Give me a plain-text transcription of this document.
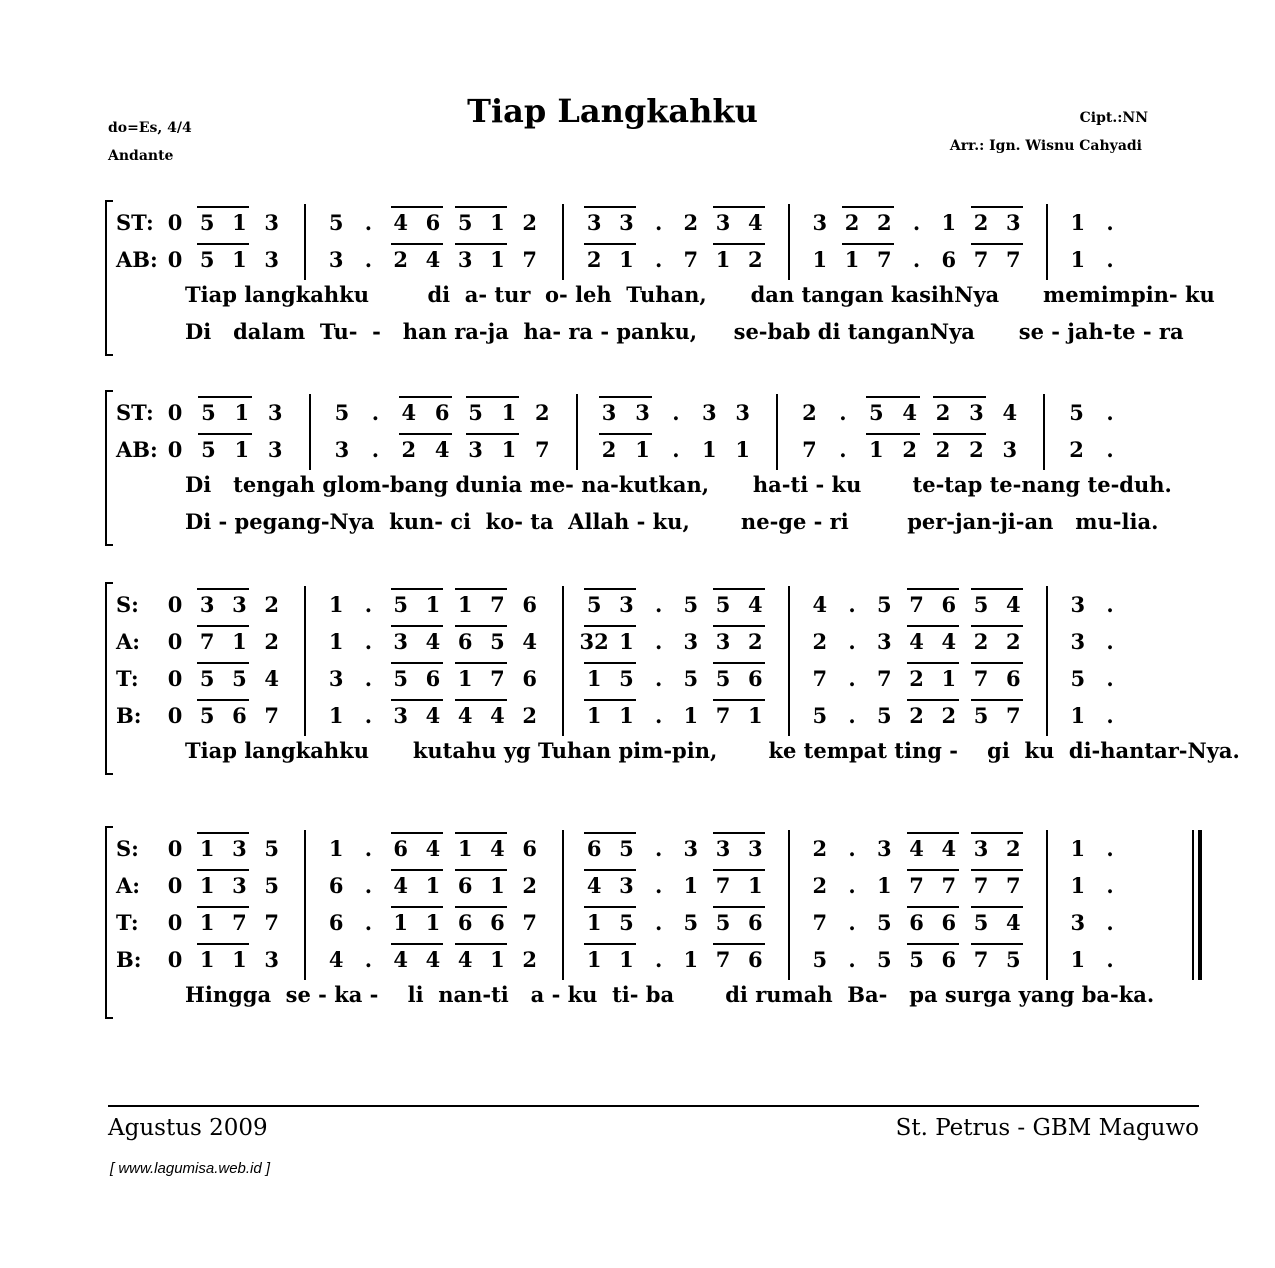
Tiap Langkahku
do=Es, 4/4
Andante
Cipt.:NN
Arr.: Ign. Wisnu Cahyadi
ST: 0 5 1 3 5 . 4 6 5 1 2 3 3 . 2 3 4 3 2 2 . 1 2 3 1 .
AB: 0 5 1 3 3 . 2 4 3 1 7 2 1 . 7 1 2 1 1 7 . 6 7 7 1 .
Tiap langkahku        di  a- tur  o- leh  Tuhan,      dan tangan kasihNya      memimpin- ku
Di   dalam  Tu-  -   han ra-ja  ha- ra - panku,     se-bab di tanganNya      se - jah-te - ra
ST: 0 5 1 3 5 . 4 6 5 1 2 3 3 . 3 3 2 . 5 4 2 3 4 5 .
AB: 0 5 1 3 3 . 2 4 3 1 7 2 1 . 1 1 7 . 1 2 2 2 3 2 .
Di   tengah glom-bang dunia me- na-kutkan,      ha-ti - ku       te-tap te-nang te-duh.
Di - pegang-Nya  kun- ci  ko- ta  Allah - ku,       ne-ge - ri        per-jan-ji-an   mu-lia.
S: 0 3 3 2 1 . 5 1 1 7 6 5 3 . 5 5 4 4 . 5 7 6 5 4 3 .
A: 0 7 1 2 1 . 3 4 6 5 4 32 1 . 3 3 2 2 . 3 4 4 2 2 3 .
T: 0 5 5 4 3 . 5 6 1 7 6 1 5 . 5 5 6 7 . 7 2 1 7 6 5 .
B: 0 5 6 7 1 . 3 4 4 4 2 1 1 . 1 7 1 5 . 5 2 2 5 7 1 .
Tiap langkahku      kutahu yg Tuhan pim-pin,       ke tempat ting -    gi  ku  di-hantar-Nya.
S: 0 1 3 5 1 . 6 4 1 4 6 6 5 . 3 3 3 2 . 3 4 4 3 2 1 .
A: 0 1 3 5 6 . 4 1 6 1 2 4 3 . 1 7 1 2 . 1 7 7 7 7 1 .
T: 0 1 7 7 6 . 1 1 6 6 7 1 5 . 5 5 6 7 . 5 6 6 5 4 3 .
B: 0 1 1 3 4 . 4 4 4 1 2 1 1 . 1 7 6 5 . 5 5 6 7 5 1 .
Hingga  se - ka -    li  nan-ti   a - ku  ti- ba       di rumah  Ba-   pa surga yang ba-ka.
Agustus 2009	St. Petrus - GBM Maguwo
[ www.lagumisa.web.id ]
